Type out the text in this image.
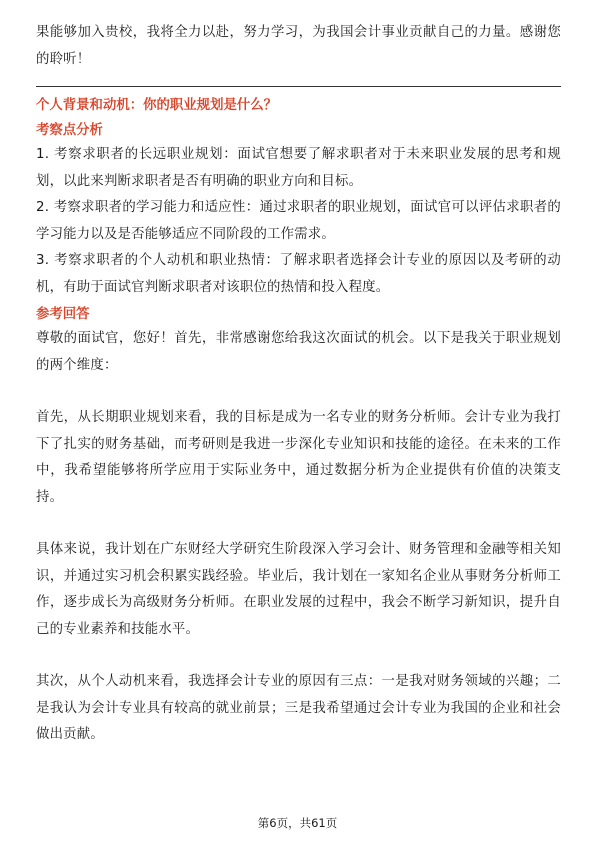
果能够加入贵校，我将全力以赴，努力学习，为我国会计事业贡献自己的力量。感谢您的聆听！

个人背景和动机：你的职业规划是什么？

考察点分析

1. 考察求职者的长远职业规划：面试官想要了解求职者对于未来职业发展的思考和规划，以此来判断求职者是否有明确的职业方向和目标。

2. 考察求职者的学习能力和适应性：通过求职者的职业规划，面试官可以评估求职者的学习能力以及是否能够适应不同阶段的工作需求。

3. 考察求职者的个人动机和职业热情：了解求职者选择会计专业的原因以及考研的动机，有助于面试官判断求职者对该职位的热情和投入程度。

参考回答

尊敬的面试官，您好！首先，非常感谢您给我这次面试的机会。以下是我关于职业规划的两个维度：

首先，从长期职业规划来看，我的目标是成为一名专业的财务分析师。会计专业为我打下了扎实的财务基础，而考研则是我进一步深化专业知识和技能的途径。在未来的工作中，我希望能够将所学应用于实际业务中，通过数据分析为企业提供有价值的决策支持。

具体来说，我计划在广东财经大学研究生阶段深入学习会计、财务管理和金融等相关知识，并通过实习机会积累实践经验。毕业后，我计划在一家知名企业从事财务分析师工作，逐步成长为高级财务分析师。在职业发展的过程中，我会不断学习新知识，提升自己的专业素养和技能水平。

其次，从个人动机来看，我选择会计专业的原因有三点：一是我对财务领域的兴趣；二是我认为会计专业具有较高的就业前景；三是我希望通过会计专业为我国的企业和社会做出贡献。

第6页，共61页
